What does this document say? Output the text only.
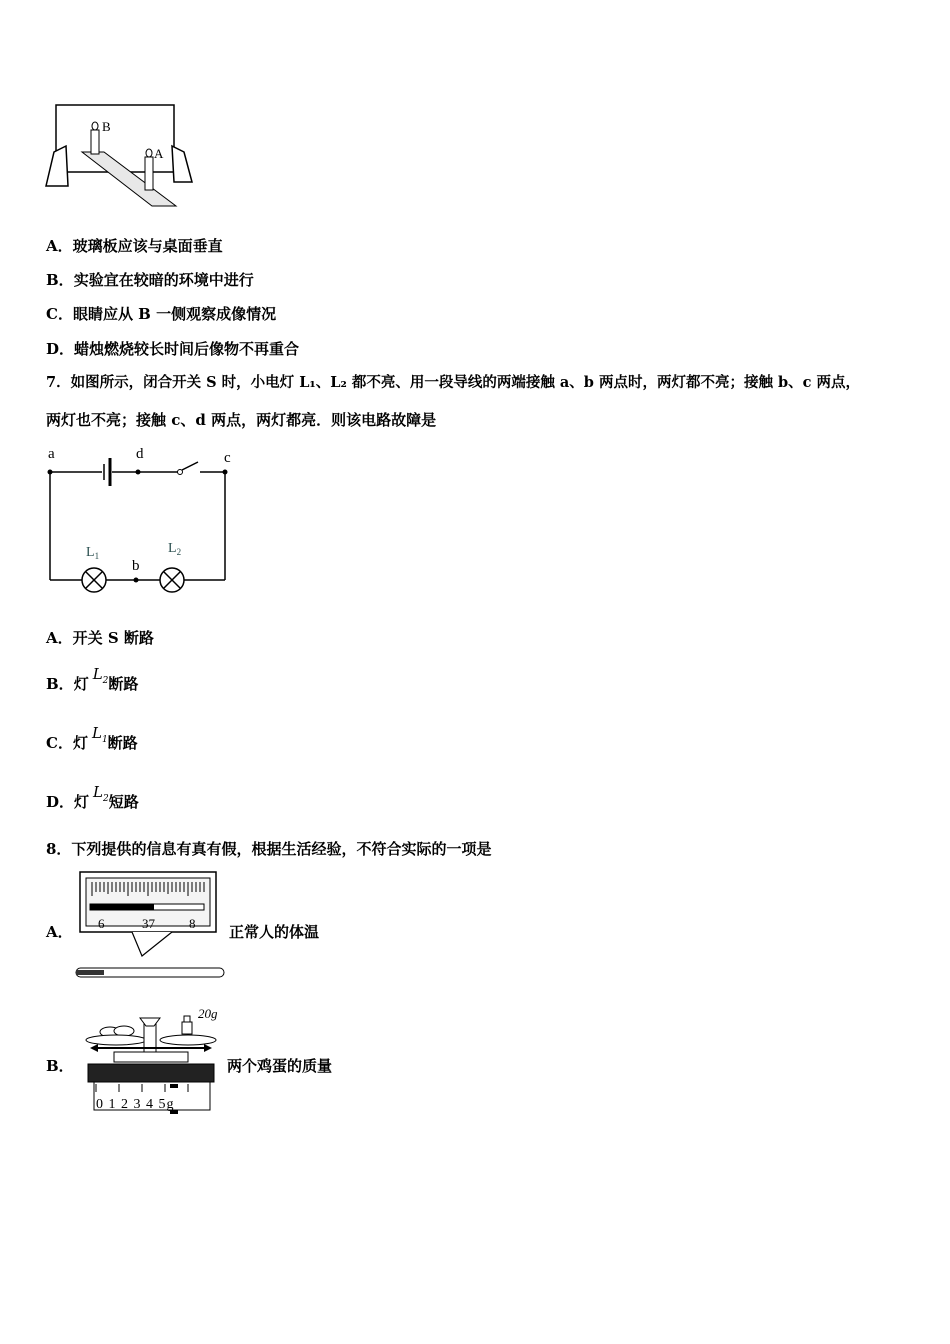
B
A
A．玻璃板应该与桌面垂直
B．实验宜在较暗的环境中进行
C．眼睛应从 B 一侧观察成像情况
D．蜡烛燃烧较长时间后像物不再重合
7．如图所示，闭合开关 S 时，小电灯 L₁、L₂ 都不亮、用一段导线的两端接触 a、b 两点时，两灯都不亮；接触 b、c 两点，
两灯也不亮；接触 c、d 两点，两灯都亮．则该电路故障是
a	d	c
b
$L_1$	$L_2$
A．开关 S 断路
B．灯$L_2$断路
C．灯$L_1$断路
D．灯$L_2$短路
8．下列提供的信息有真有假，根据生活经验，不符合实际的一项是
A． 6	37	8 正常人的体温
B．
20g
0 1 2 3 4 5g
两个鸡蛋的质量
